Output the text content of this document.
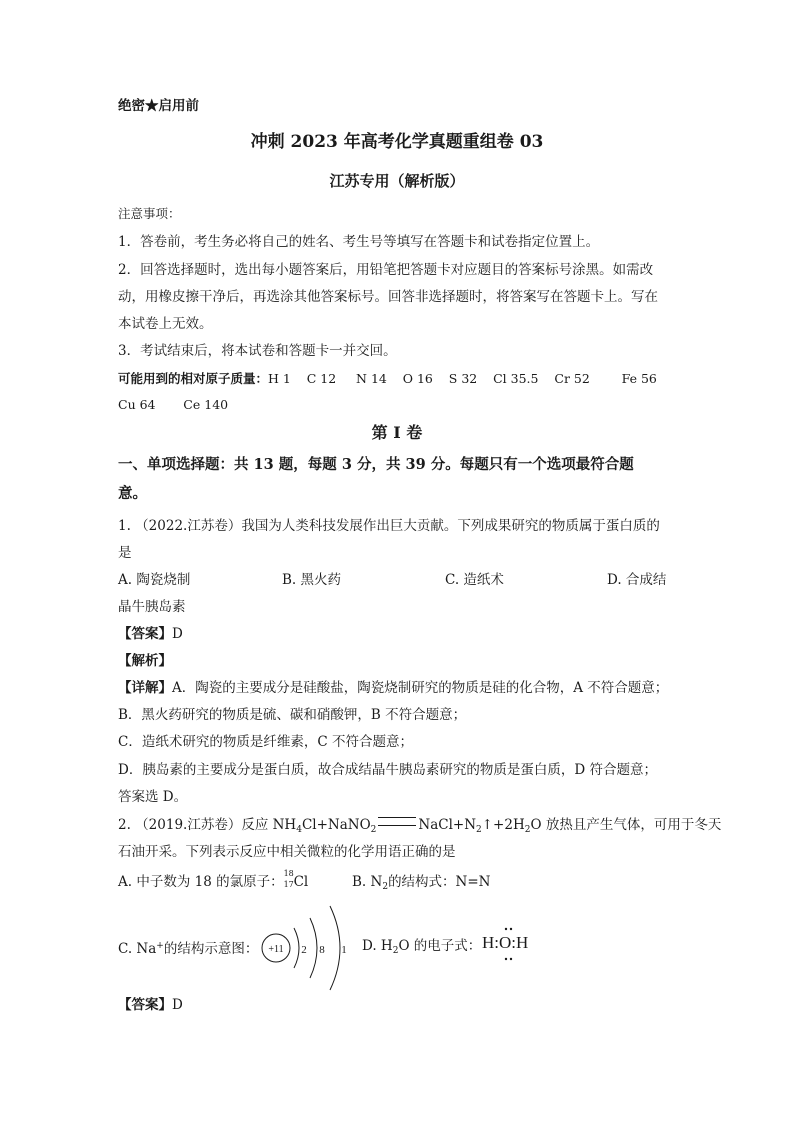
绝密★启用前
冲刺 2023 年高考化学真题重组卷 03
江苏专用（解析版）
注意事项：
1．答卷前，考生务必将自己的姓名、考生号等填写在答题卡和试卷指定位置上。
2．回答选择题时，选出每小题答案后，用铅笔把答题卡对应题目的答案标号涂黑。如需改
动，用橡皮擦干净后，再选涂其他答案标号。回答非选择题时，将答案写在答题卡上。写在
本试卷上无效。
3．考试结束后，将本试卷和答题卡一并交回。
可能用到的相对原子质量：H 1    C 12     N 14    O 16    S 32    Cl 35.5    Cr 52        Fe 56
Cu 64       Ce 140
第 I 卷
一、单项选择题：共 13 题，每题 3 分，共 39 分。每题只有一个选项最符合题
意。
1. （2022.江苏卷）我国为人类科技发展作出巨大贡献。下列成果研究的物质属于蛋白质的
是
A. 陶瓷烧制	B. 黑火药	C. 造纸术	D. 合成结
晶牛胰岛素
【答案】D
【解析】
【详解】A．陶瓷的主要成分是硅酸盐，陶瓷烧制研究的物质是硅的化合物，A 不符合题意；
B．黑火药研究的物质是硫、碳和硝酸钾，B 不符合题意；
C．造纸术研究的物质是纤维素，C 不符合题意；
D．胰岛素的主要成分是蛋白质，故合成结晶牛胰岛素研究的物质是蛋白质，D 符合题意；
答案选 D。
2. （2019.江苏卷）反应 $NH_4Cl+NaNO_2$	$NaCl+N_2↑+2H_2O$ 放热且产生气体，可用于冬天
石油开采。下列表示反应中相关微粒的化学用语正确的是
A. 中子数为 18 的氯原子：
18
17 Cl	B. $N_2$的结构式：N=N
C. Na+的结构示意图： +11 2 8 1 D. $H_2O$ 的电子式： H:O:H
【答案】D
